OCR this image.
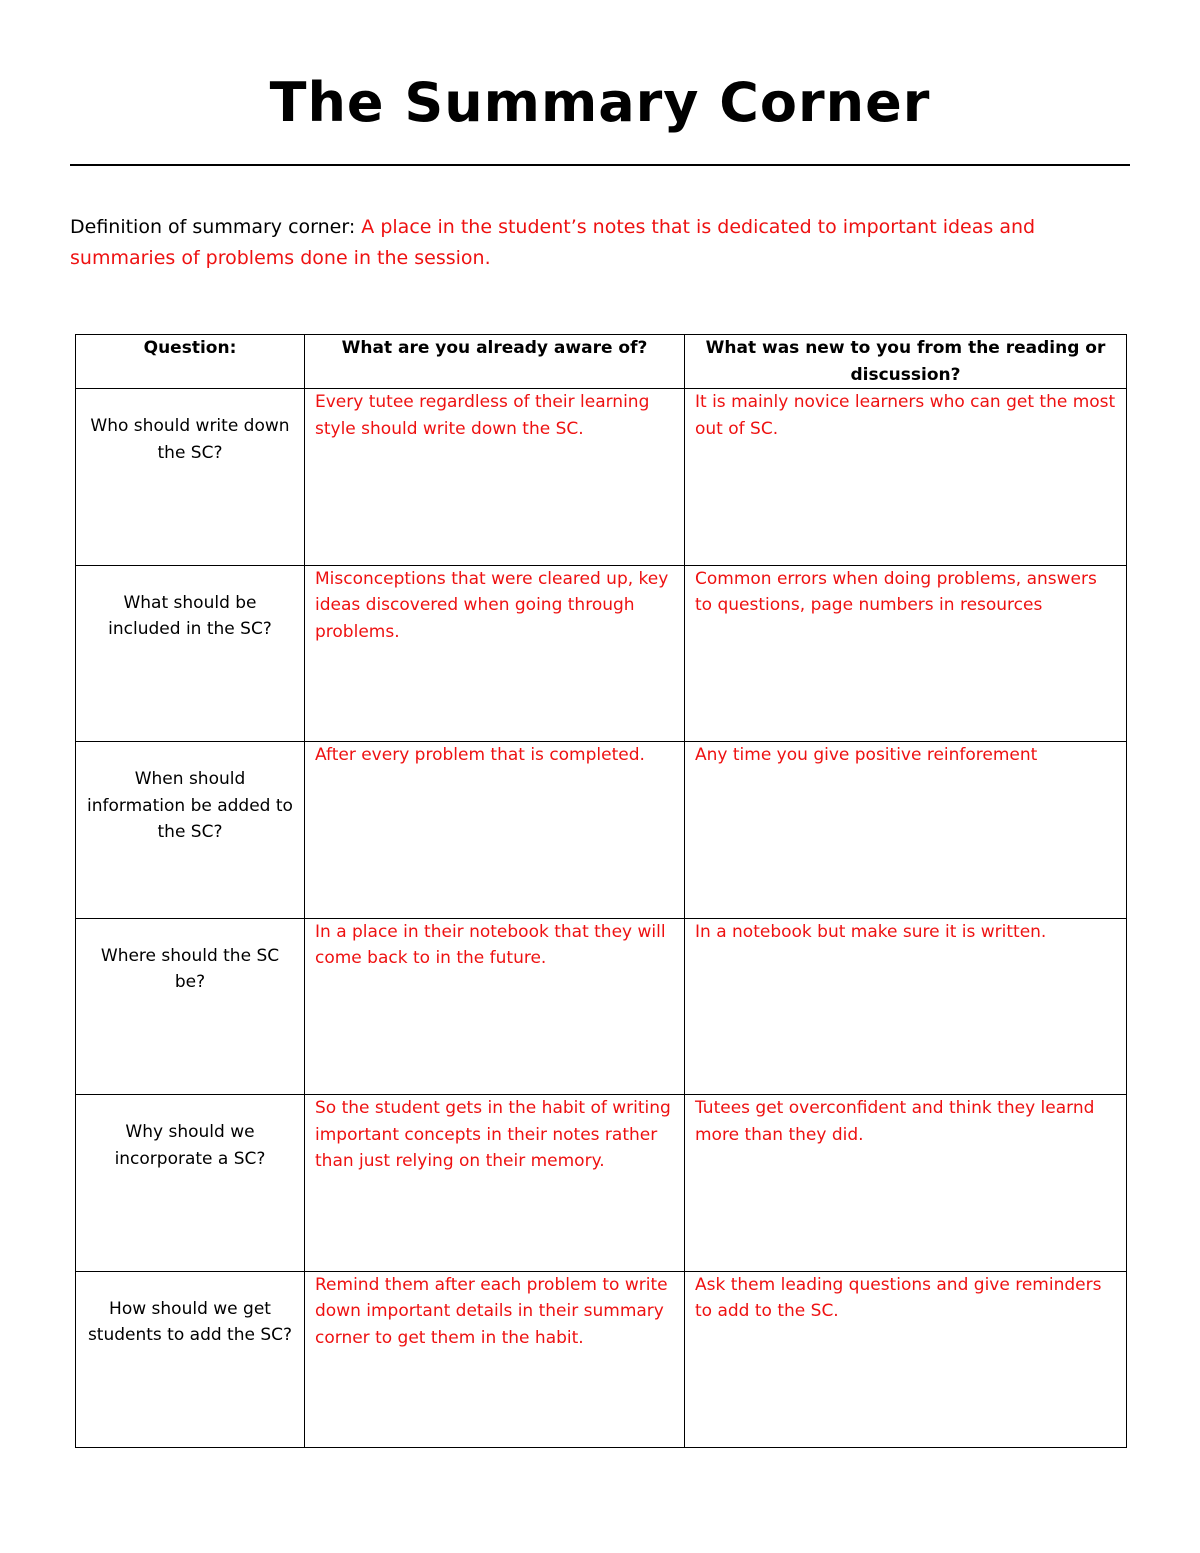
The Summary Corner
Definition of summary corner: A place in the student’s notes that is dedicated to important ideas and summaries of problems done in the session.
Question:	What are you already aware of?	What was new to you from the reading or discussion?
Who should write down the SC?	Every tutee regardless of their learning style should write down the SC.	It is mainly novice learners who can get the most out of SC.
What should be included in the SC?	Misconceptions that were cleared up, key ideas discovered when going through problems.	Common errors when doing problems, answers to questions, page numbers in resources
When should information be added to the SC?	After every problem that is completed.	Any time you give positive reinforement
Where should the SC be?	In a place in their notebook that they will come back to in the future.	In a notebook but make sure it is written.
Why should we incorporate a SC?	So the student gets in the habit of writing important concepts in their notes rather than just relying on their memory.	Tutees get overconfident and think they learnd more than they did.
How should we get students to add the SC?	Remind them after each problem to write down important details in their summary corner to get them in the habit.	Ask them leading questions and give reminders to add to the SC.
